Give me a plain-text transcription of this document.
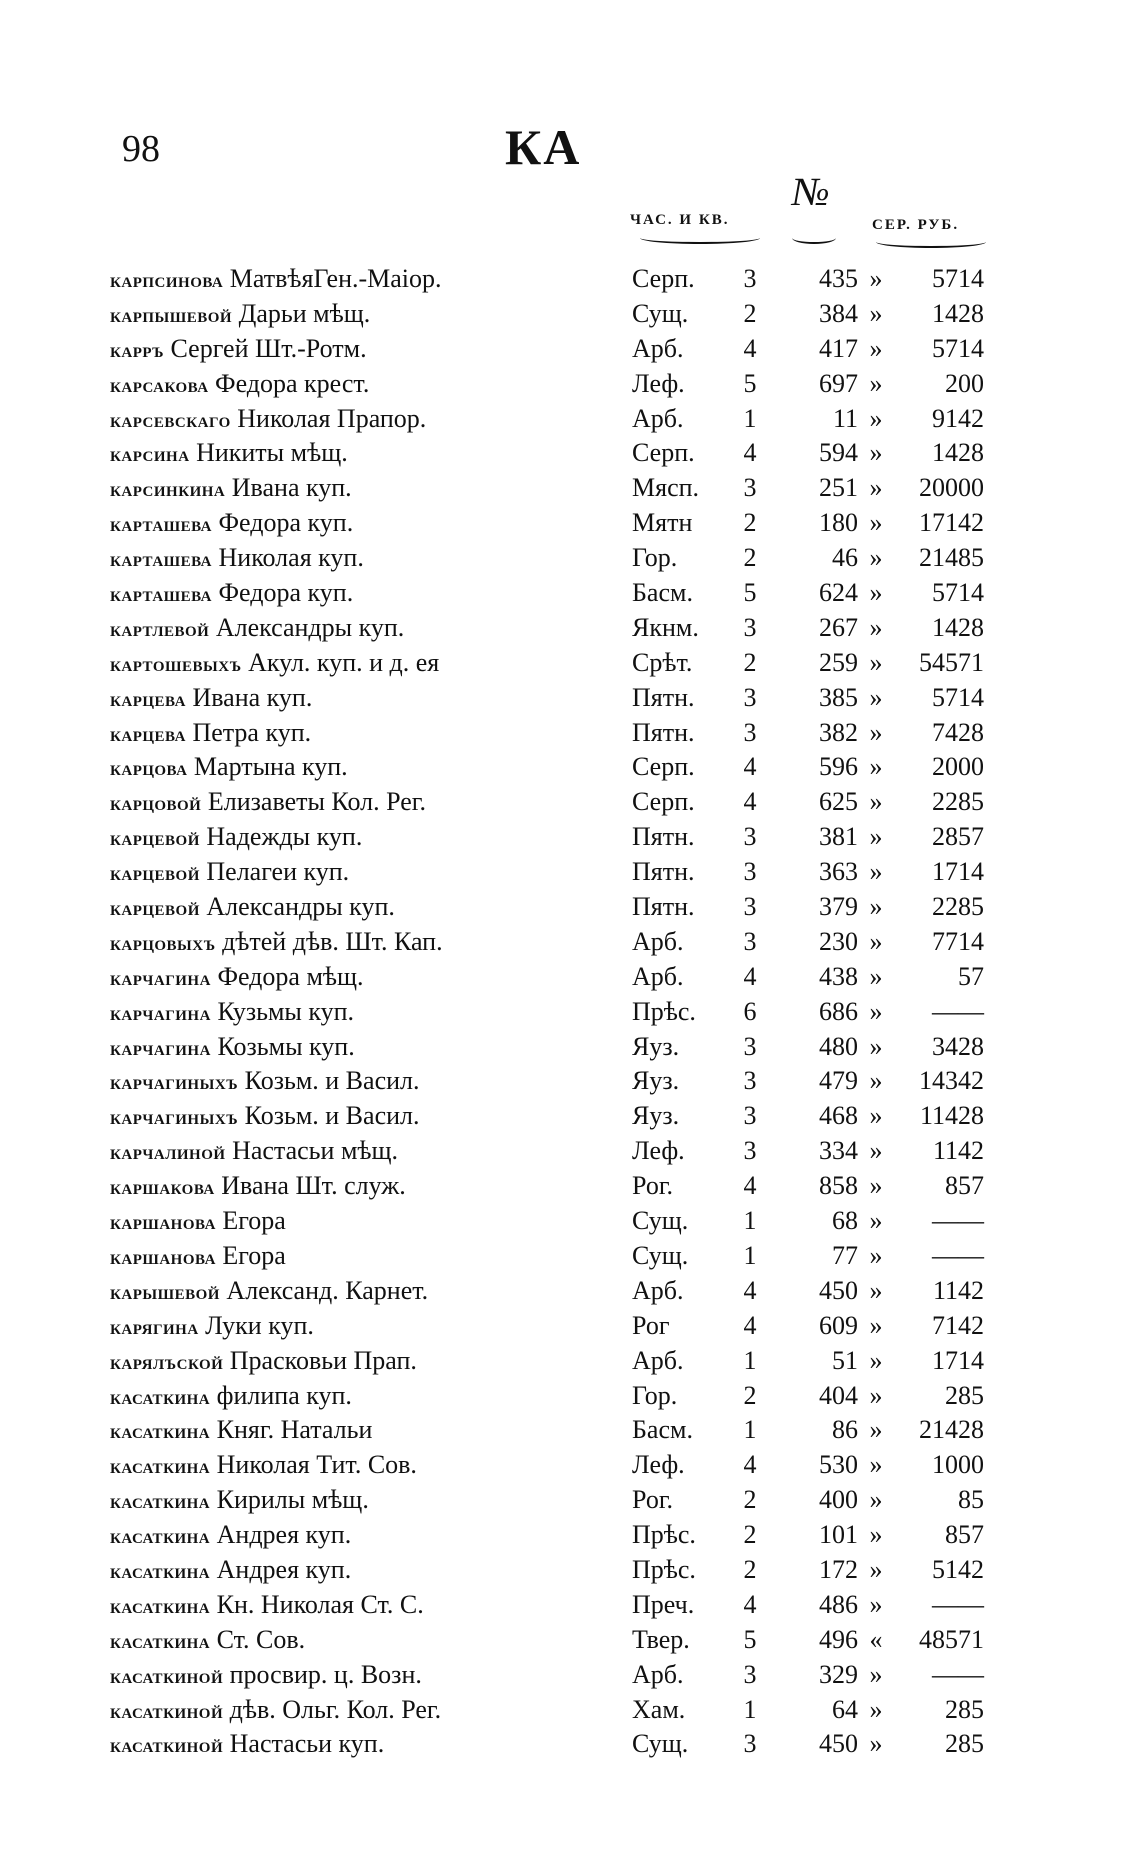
98	КА
ЧАС. И КВ.
№
СЕР. РУБ.
карпсинова МатвѣяГен.-Маіор.	Серп. 3	435 »	5714
карпышевой Дарьи мѣщ.	Сущ. 2	384 »	1428
карръ Сергей Шт.-Ротм.	Арб. 4	417 »	5714
карсакова Федора крест.	Леф. 5	697 »	200
карсевскаго Николая Прапор.	Арб. 1	11 »	9142
карсина Никиты мѣщ.	Серп. 4	594 »	1428
карсинкина Ивана куп.	Мясп. 3	251 »	20000
карташева Федора куп.	Мятн 2	180 »	17142
карташева Николая куп.	Гор.	2	46 »	21485
карташева Федора куп.	Басм. 5	624 »	5714
картлевой Александры куп.	Якнм. 3	267 »	1428
картошевыхъ Акул. куп. и д. ея	Срѣт. 2	259 »	54571
карцева Ивана куп.	Пятн. 3	385 »	5714
карцева Петра куп.	Пятн. 3	382 »	7428
карцова Мартына куп.	Серп. 4	596 »	2000
карцовой Елизаветы Кол. Рег.	Серп. 4	625 »	2285
карцевой Надежды куп.	Пятн. 3	381 »	2857
карцевой Пелагеи куп.	Пятн. 3	363 »	1714
карцевой Александры куп.	Пятн. 3	379 »	2285
карцовыхъ дѣтей дѣв. Шт. Кап.	Арб. 3	230 »	7714
карчагина Федора мѣщ.	Арб. 4	438 »	57
карчагина Кузьмы куп.	Прѣс. 6	686 »	——
карчагина Козьмы куп.	Яуз. 3	480 »	3428
карчагиныхъ Козьм. и Васил.	Яуз. 3	479 »	14342
карчагиныхъ Козьм. и Васил.	Яуз. 3	468 »	11428
карчалиной Настасьи мѣщ.	Леф. 3	334 »	1142
каршакова Ивана Шт. служ.	Рог.	4	858 »	857
каршанова Егора	Сущ. 1	68 »	——
каршанова Егора	Сущ. 1	77 »	——
карышевой Александ. Карнет.	Арб. 4	450 »	1142
карягина Луки куп.	Рог	4	609 »	7142
карялъской Прасковьи Прап.	Арб. 1	51 »	1714
касаткина филипа куп.	Гор.	2	404 »	285
касаткина Княг. Натальи	Басм. 1	86 »	21428
касаткина Николая Тит. Сов.	Леф. 4	530 »	1000
касаткина Кирилы мѣщ.	Рог.	2	400 »	85
касаткина Андрея куп.	Прѣс. 2	101 »	857
касаткина Андрея куп.	Прѣс. 2	172 »	5142
касаткина Кн. Николая Ст. С.	Преч. 4	486 »	——
касаткина Ст. Сов.	Твер. 5	496 «	48571
касаткиной просвир. ц. Возн.	Арб. 3	329 »	——
касаткиной дѣв. Ольг. Кол. Рег.	Хам. 1	64 »	285
касаткиной Настасьи куп.	Сущ. 3	450 »	285
